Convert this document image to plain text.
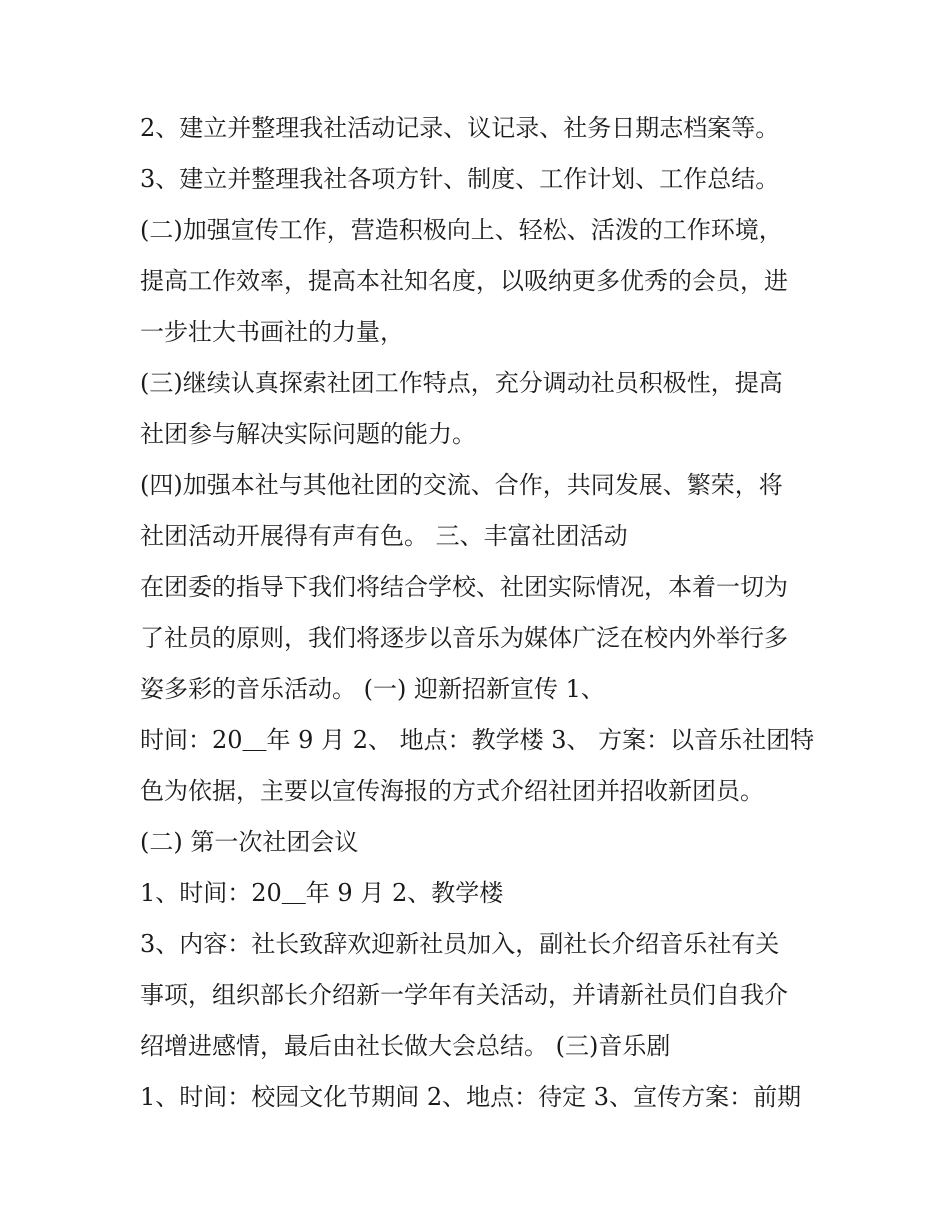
2、建立并整理我社活动记录、议记录、社务日期志档案等。

3、建立并整理我社各项方针、制度、工作计划、工作总结。

(二)加强宣传工作，营造积极向上、轻松、活泼的工作环境，

提高工作效率，提高本社知名度，以吸纳更多优秀的会员，进

一步壮大书画社的力量，

(三)继续认真探索社团工作特点，充分调动社员积极性，提高

社团参与解决实际问题的能力。

(四)加强本社与其他社团的交流、合作，共同发展、繁荣，将

社团活动开展得有声有色。 三、丰富社团活动

在团委的指导下我们将结合学校、社团实际情况，本着一切为

了社员的原则，我们将逐步以音乐为媒体广泛在校内外举行多

姿多彩的音乐活动。 (一) 迎新招新宣传 1、

时间：20＿年 9 月 2、 地点：教学楼 3、 方案：以音乐社团特

色为依据，主要以宣传海报的方式介绍社团并招收新团员。

(二) 第一次社团会议

1、时间：20＿年 9 月 2、教学楼

3、内容：社长致辞欢迎新社员加入，副社长介绍音乐社有关

事项，组织部长介绍新一学年有关活动，并请新社员们自我介

绍增进感情，最后由社长做大会总结。 (三)音乐剧

1、时间：校园文化节期间 2、地点：待定 3、宣传方案：前期
